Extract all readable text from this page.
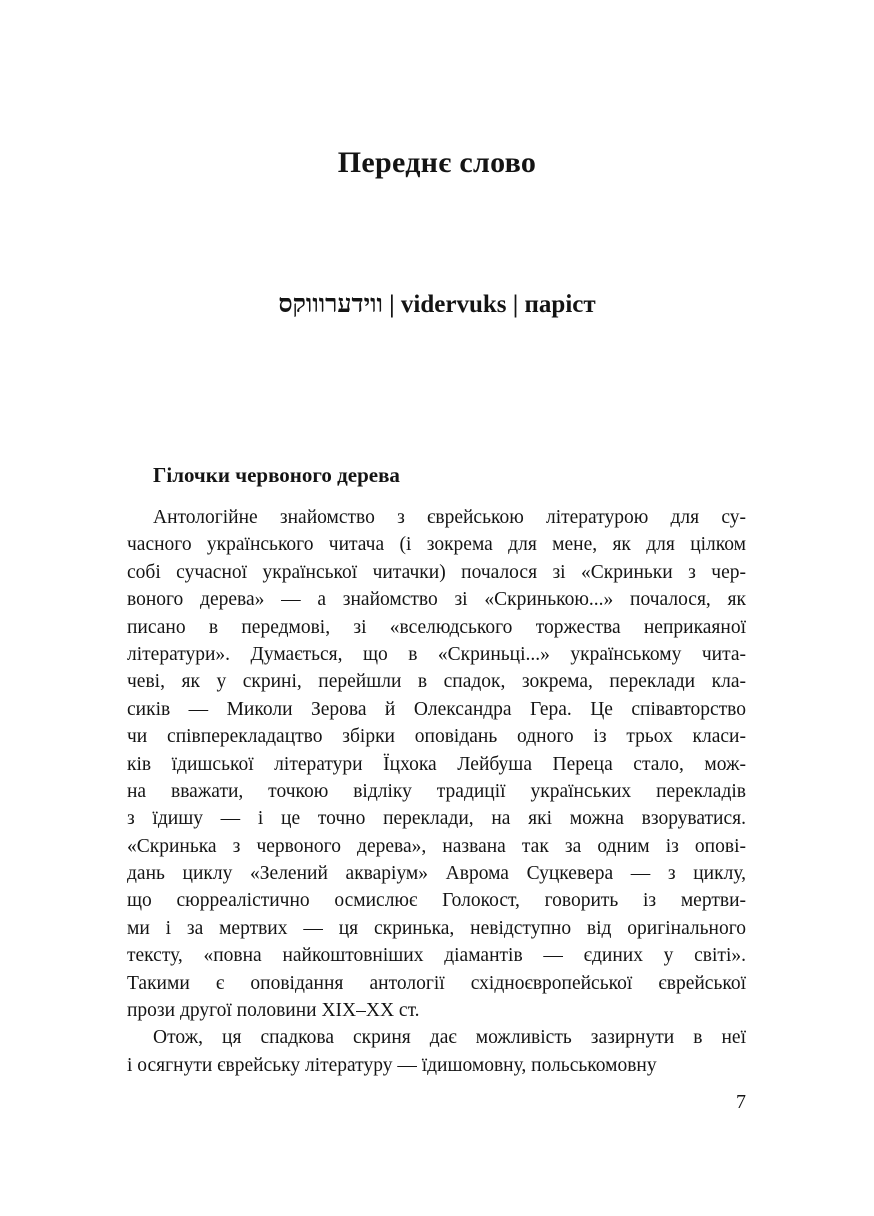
Переднє слово
ווידערוווקס | vidervuks | паріст
Гілочки червоного дерева
Антологійне знайомство з єврейською літературою для су-
часного українського читача (і зокрема для мене, як для цілком
собі сучасної української читачки) почалося зі «Скриньки з чер-
воного дерева» — а знайомство зі «Скринькою...» почалося, як
писано в передмові, зі «вселюдського торжества неприкаяної
літератури». Думається, що в «Скриньці...» українському чита-
чеві, як у скрині, перейшли в спадок, зокрема, переклади кла-
сиків — Миколи Зерова й Олександра Гера. Це співавторство
чи співперекладацтво збірки оповідань одного із трьох класи-
ків їдишської літератури Їцхока Лейбуша Переца стало, мож-
на вважати, точкою відліку традиції українських перекладів
з їдишу — і це точно переклади, на які можна взоруватися.
«Скринька з червоного дерева», названа так за одним із опові-
дань циклу «Зелений акваріум» Аврома Суцкевера — з циклу,
що сюрреалістично осмислює Голокост, говорить із мертви-
ми і за мертвих — ця скринька, невідступно від оригінального
тексту, «повна найкоштовніших діамантів — єдиних у світі».
Такими є оповідання антології східноєвропейської єврейської
прози другої половини XIX–XX ст.
Отож, ця спадкова скриня дає можливість зазирнути в неї
і осягнути єврейську літературу — їдишомовну, польськомовну
7
